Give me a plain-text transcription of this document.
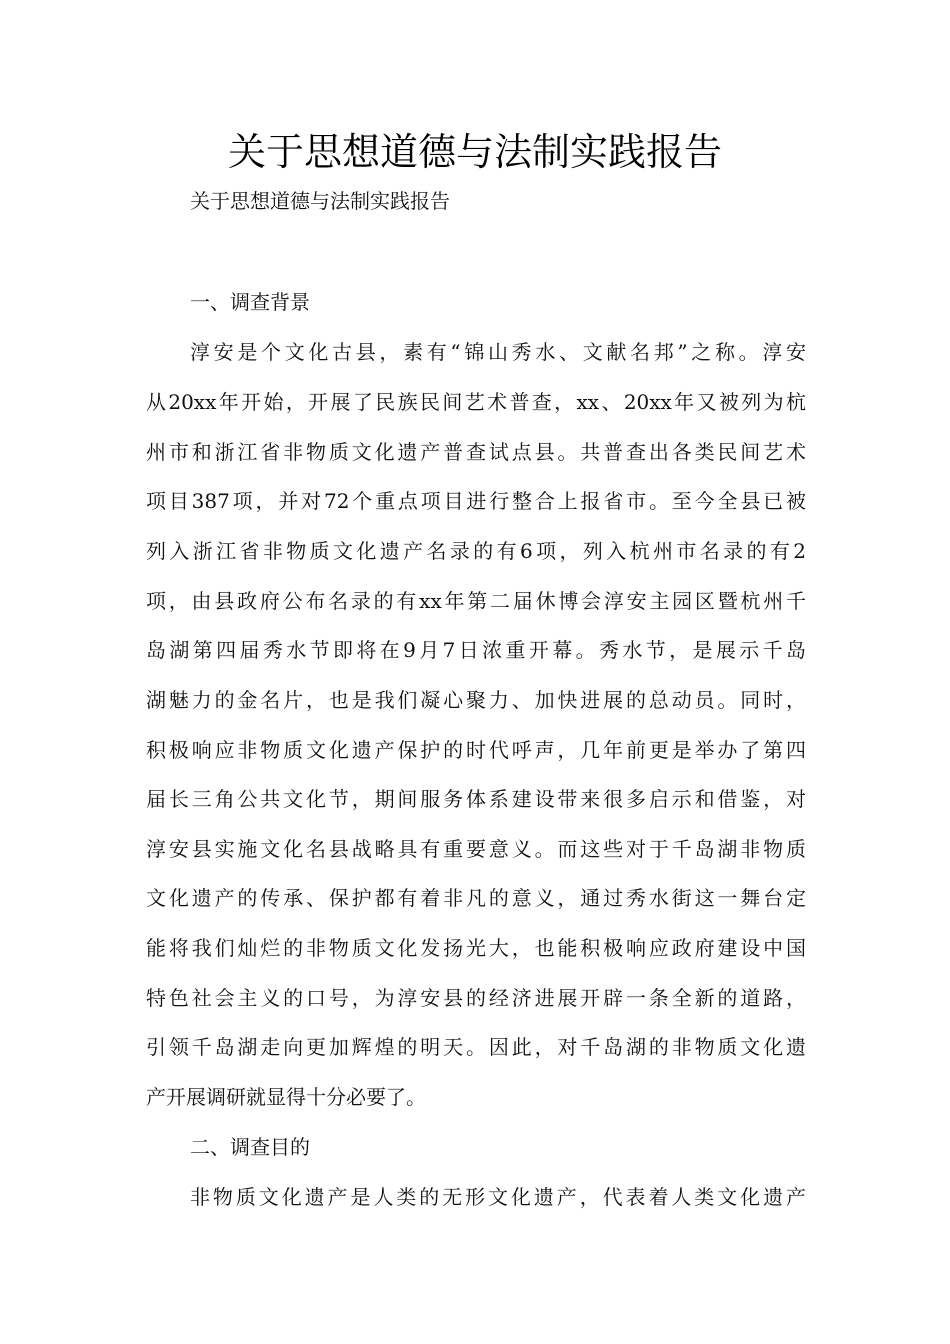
关于思想道德与法制实践报告

关于思想道德与法制实践报告

一、调查背景

淳安是个文化古县，素有“锦山秀水、文献名邦”之称。淳安

从20xx年开始，开展了民族民间艺术普查，xx、20xx年又被列为杭

州市和浙江省非物质文化遗产普查试点县。共普查出各类民间艺术

项目387项，并对72个重点项目进行整合上报省市。至今全县已被

列入浙江省非物质文化遗产名录的有6项，列入杭州市名录的有2

项，由县政府公布名录的有xx年第二届休博会淳安主园区暨杭州千

岛湖第四届秀水节即将在9月7日浓重开幕。秀水节，是展示千岛

湖魅力的金名片，也是我们凝心聚力、加快进展的总动员。同时，

积极响应非物质文化遗产保护的时代呼声，几年前更是举办了第四

届长三角公共文化节，期间服务体系建设带来很多启示和借鉴，对

淳安县实施文化名县战略具有重要意义。而这些对于千岛湖非物质

文化遗产的传承、保护都有着非凡的意义，通过秀水街这一舞台定

能将我们灿烂的非物质文化发扬光大，也能积极响应政府建设中国

特色社会主义的口号，为淳安县的经济进展开辟一条全新的道路，

引领千岛湖走向更加辉煌的明天。因此，对千岛湖的非物质文化遗

产开展调研就显得十分必要了。

二、调查目的

非物质文化遗产是人类的无形文化遗产，代表着人类文化遗产
